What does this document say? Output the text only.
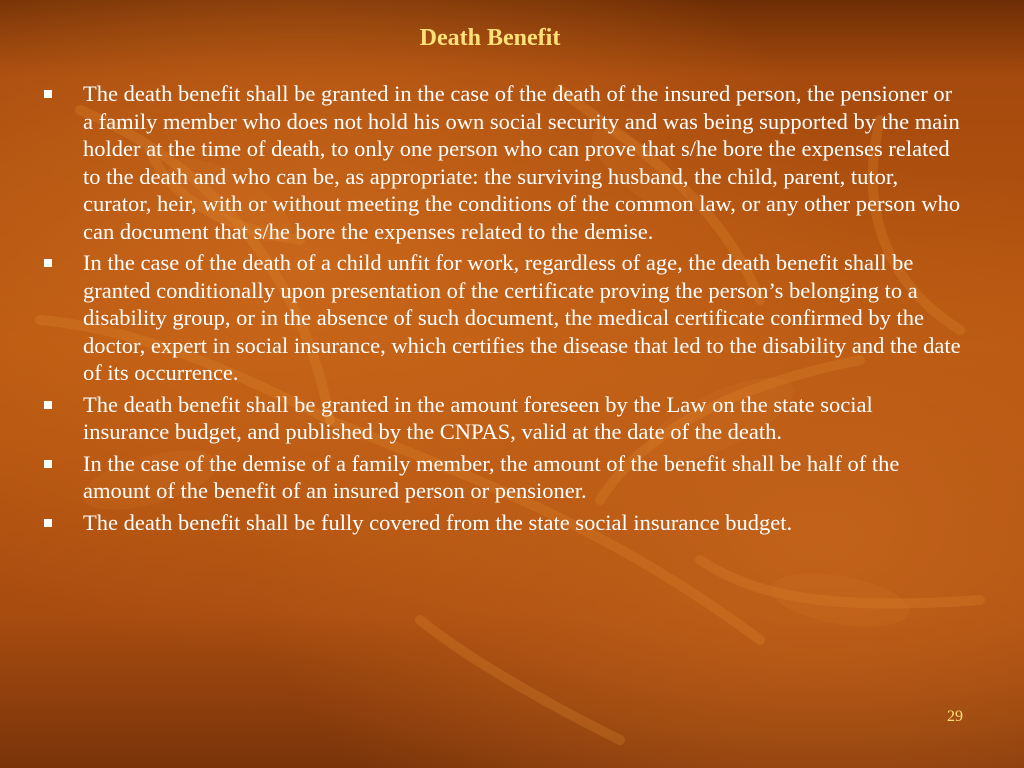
Death Benefit
The death benefit shall be granted in the case of the death of the insured person, the pensioner or a family member who does not hold his own social security and was being supported by the main holder at the time of death, to only one person who can prove that s/he bore the expenses related to the death and who can be, as appropriate: the surviving husband, the child, parent, tutor, curator, heir, with or without meeting the conditions of the common law, or any other person who can document that s/he bore the expenses related to the demise.
In the case of the death of a child unfit for work, regardless of age, the death benefit shall be granted conditionally upon presentation of the certificate proving the person’s belonging to a disability group, or in the absence of such document, the medical certificate confirmed by the doctor, expert in social insurance, which certifies the disease that led to the disability and the date of its occurrence.
The death benefit shall be granted in the amount foreseen by the Law on the state social insurance budget, and published by the CNPAS, valid at the date of the death.
In the case of the demise of a family member, the amount of the benefit shall be half of the amount of the benefit of an insured person or pensioner.
The death benefit shall be fully covered from the state social insurance budget.
29
